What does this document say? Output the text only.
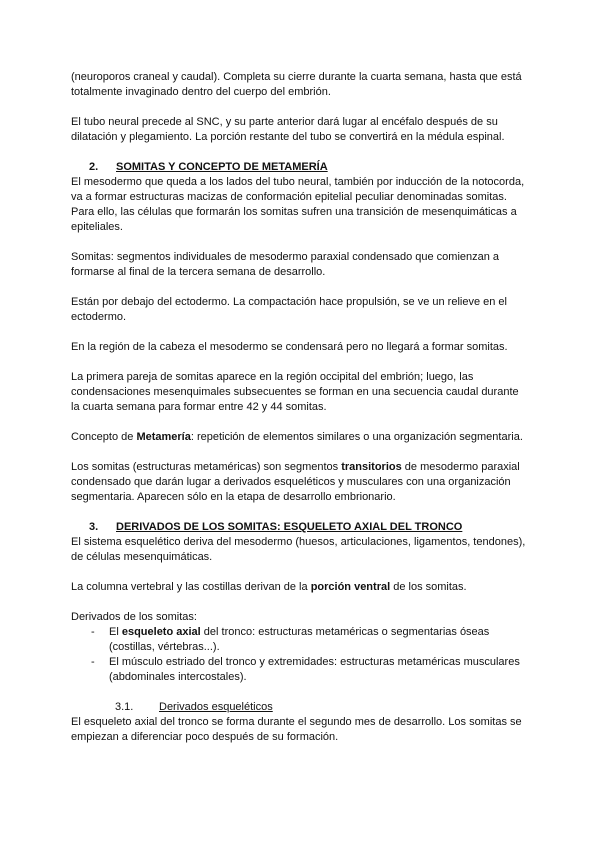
(neuroporos craneal y caudal). Completa su cierre durante la cuarta semana, hasta que está totalmente invaginado dentro del cuerpo del embrión.

El tubo neural precede al SNC, y su parte anterior dará lugar al encéfalo después de su dilatación y plegamiento. La porción restante del tubo se convertirá en la médula espinal.

2. SOMITAS Y CONCEPTO DE METAMERÍA

El mesodermo que queda a los lados del tubo neural, también por inducción de la notocorda, va a formar estructuras macizas de conformación epitelial peculiar denominadas somitas. Para ello, las células que formarán los somitas sufren una transición de mesenquimáticas a epiteliales.

Somitas: segmentos individuales de mesodermo paraxial condensado que comienzan a formarse al final de la tercera semana de desarrollo.

Están por debajo del ectodermo. La compactación hace propulsión, se ve un relieve en el ectodermo.

En la región de la cabeza el mesodermo se condensará pero no llegará a formar somitas.

La primera pareja de somitas aparece en la región occipital del embrión; luego, las condensaciones mesenquimales subsecuentes se forman en una secuencia caudal durante la cuarta semana para formar entre 42 y 44 somitas.

Concepto de Metamería: repetición de elementos similares o una organización segmentaria.

Los somitas (estructuras metaméricas) son segmentos transitorios de mesodermo paraxial condensado que darán lugar a derivados esqueléticos y musculares con una organización segmentaria. Aparecen sólo en la etapa de desarrollo embrionario.

3. DERIVADOS DE LOS SOMITAS: ESQUELETO AXIAL DEL TRONCO

El sistema esquelético deriva del mesodermo (huesos, articulaciones, ligamentos, tendones), de células mesenquimáticas.

La columna vertebral y las costillas derivan de la porción ventral de los somitas.

Derivados de los somitas:

- El esqueleto axial del tronco: estructuras metaméricas o segmentarias óseas (costillas, vértebras...).
- El músculo estriado del tronco y extremidades: estructuras metaméricas musculares (abdominales intercostales).
3.1. Derivados esqueléticos

El esqueleto axial del tronco se forma durante el segundo mes de desarrollo. Los somitas se empiezan a diferenciar poco después de su formación.
